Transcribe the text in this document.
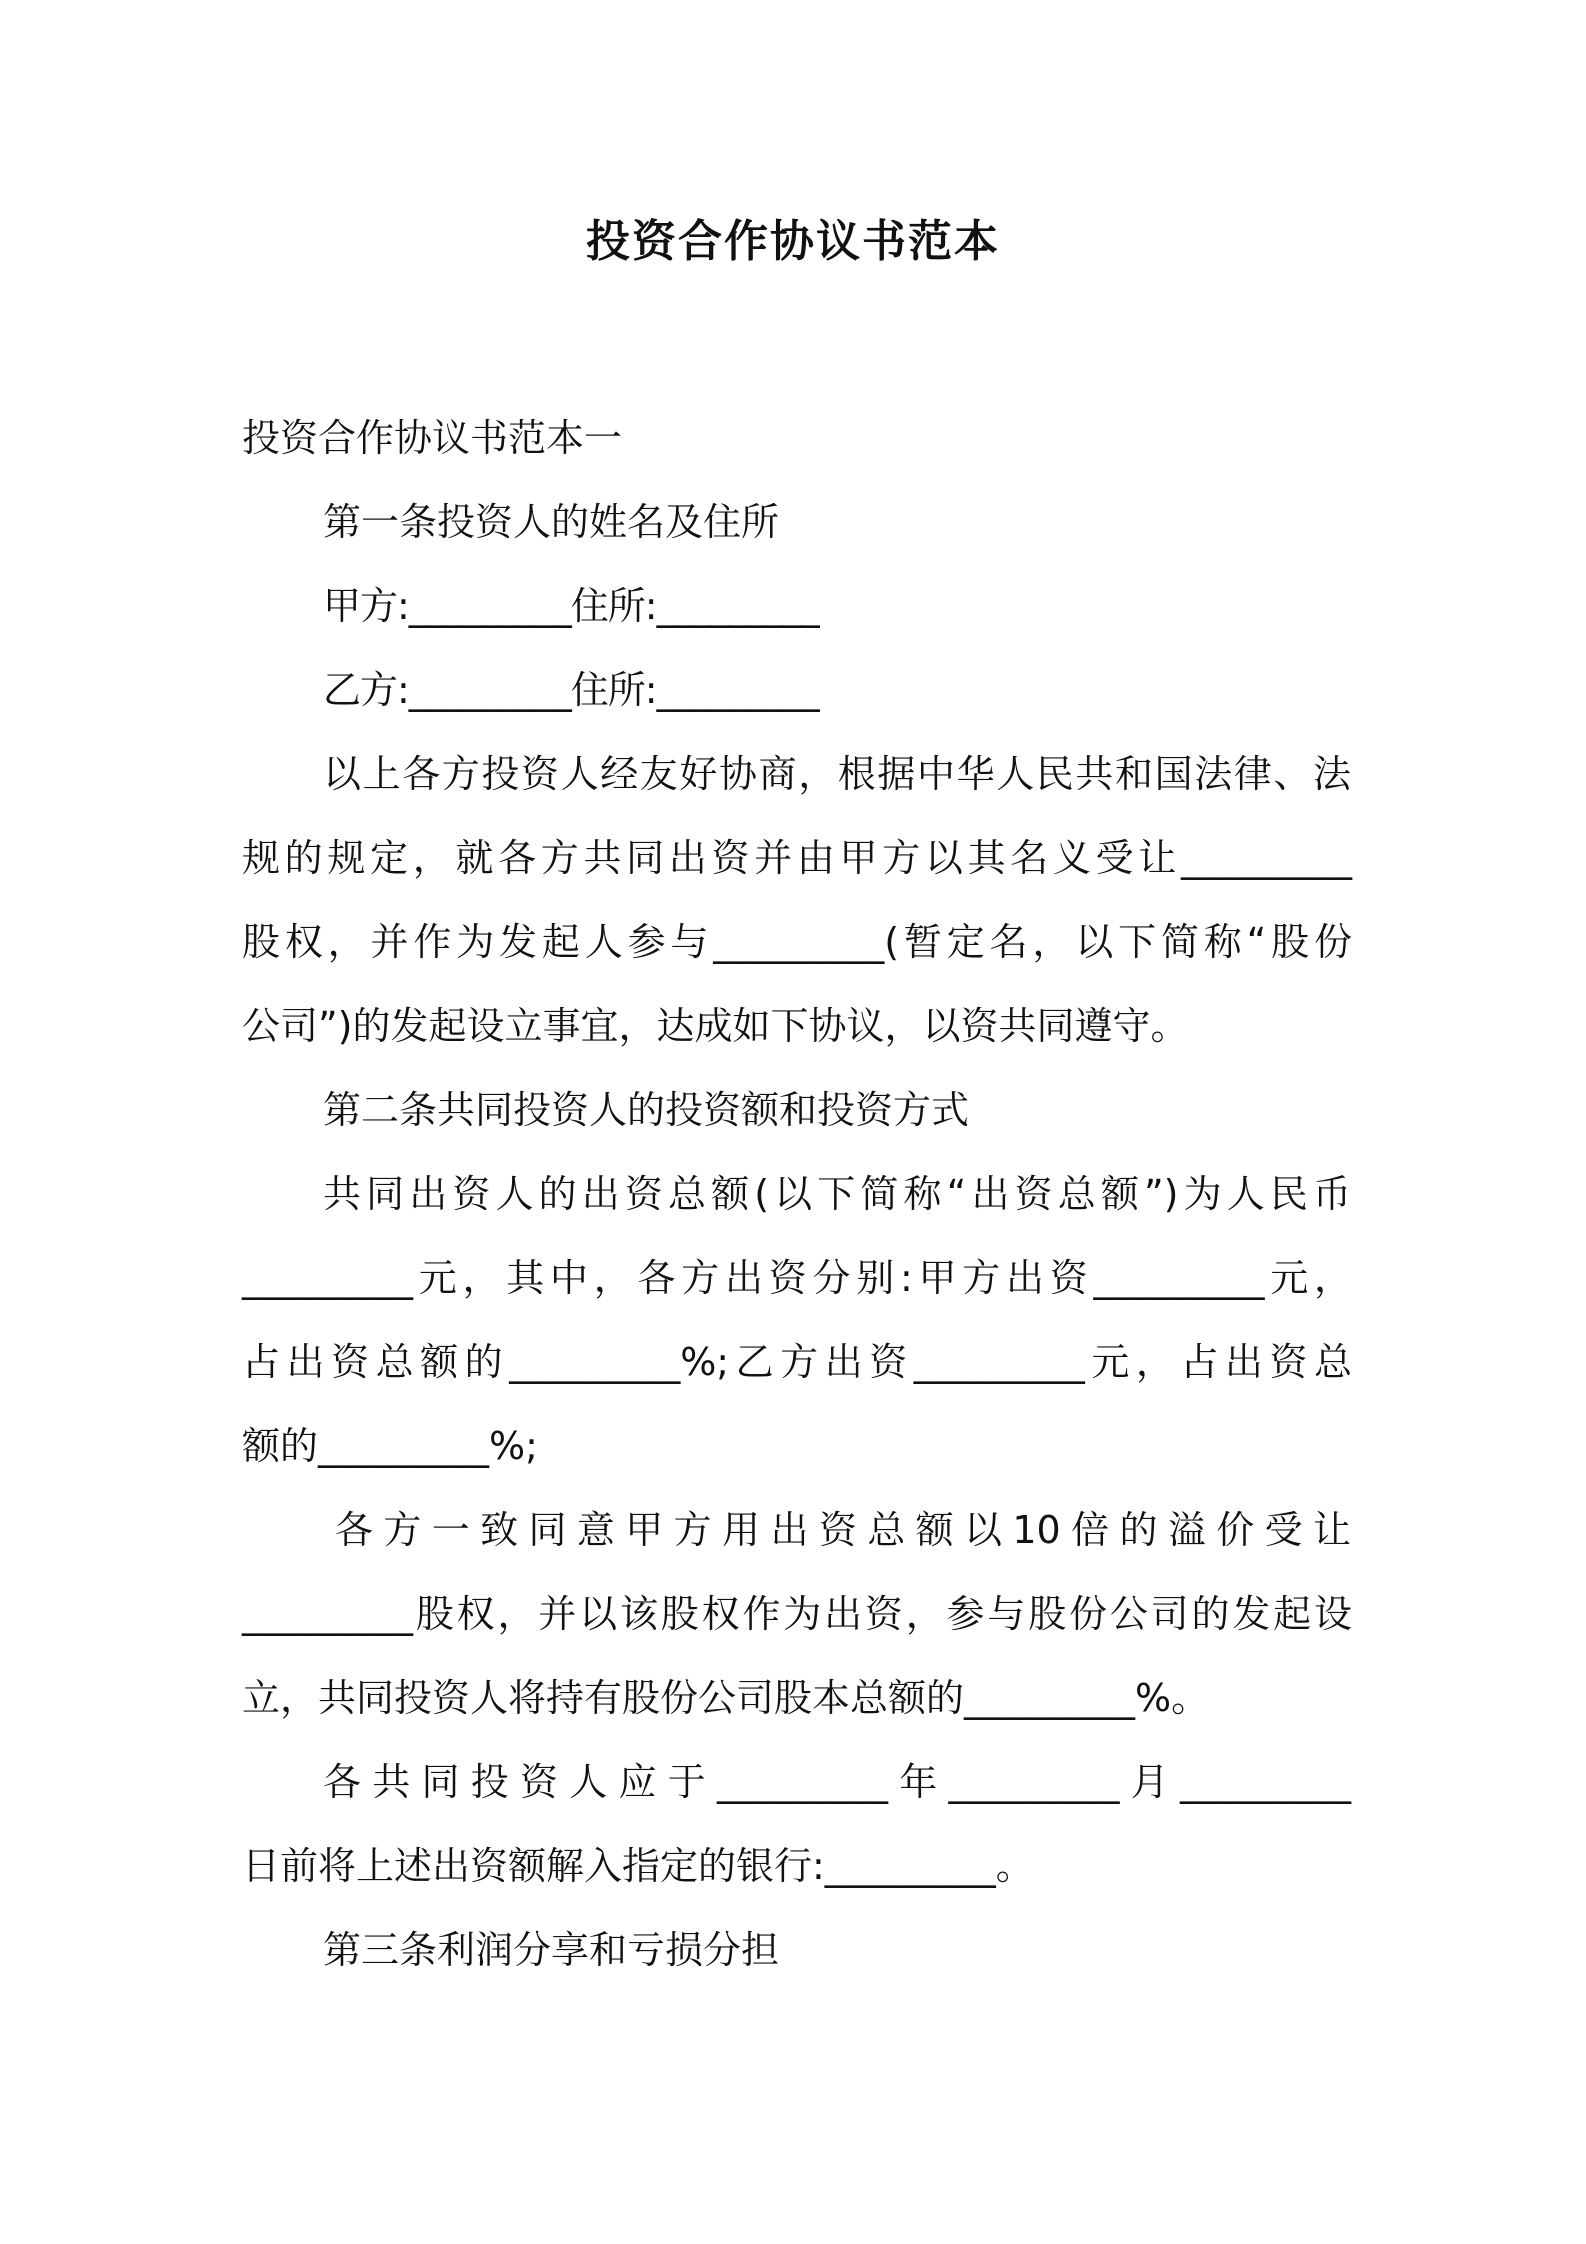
投资合作协议书范本
投资合作协议书范本一
第一条投资人的姓名及住所
甲方:_________住所:_________
乙方:_________住所:_________
以上各方投资人经友好协商，根据中华人民共和国法律、法
规的规定，就各方共同出资并由甲方以其名义受让_________
股权，并作为发起人参与_________(暂定名，以下简称“股份
公司”)的发起设立事宜，达成如下协议，以资共同遵守。
第二条共同投资人的投资额和投资方式
共同出资人的出资总额(以下简称“出资总额”)为人民币
_________元，其中，各方出资分别:甲方出资_________元，
占出资总额的_________%;乙方出资_________元，占出资总
额的_________%;
各方一致同意甲方用出资总额以10倍的溢价受让
_________股权，并以该股权作为出资，参与股份公司的发起设
立，共同投资人将持有股份公司股本总额的_________%。
各共同投资人应于_________年_________月_________
日前将上述出资额解入指定的银行:_________。
第三条利润分享和亏损分担
